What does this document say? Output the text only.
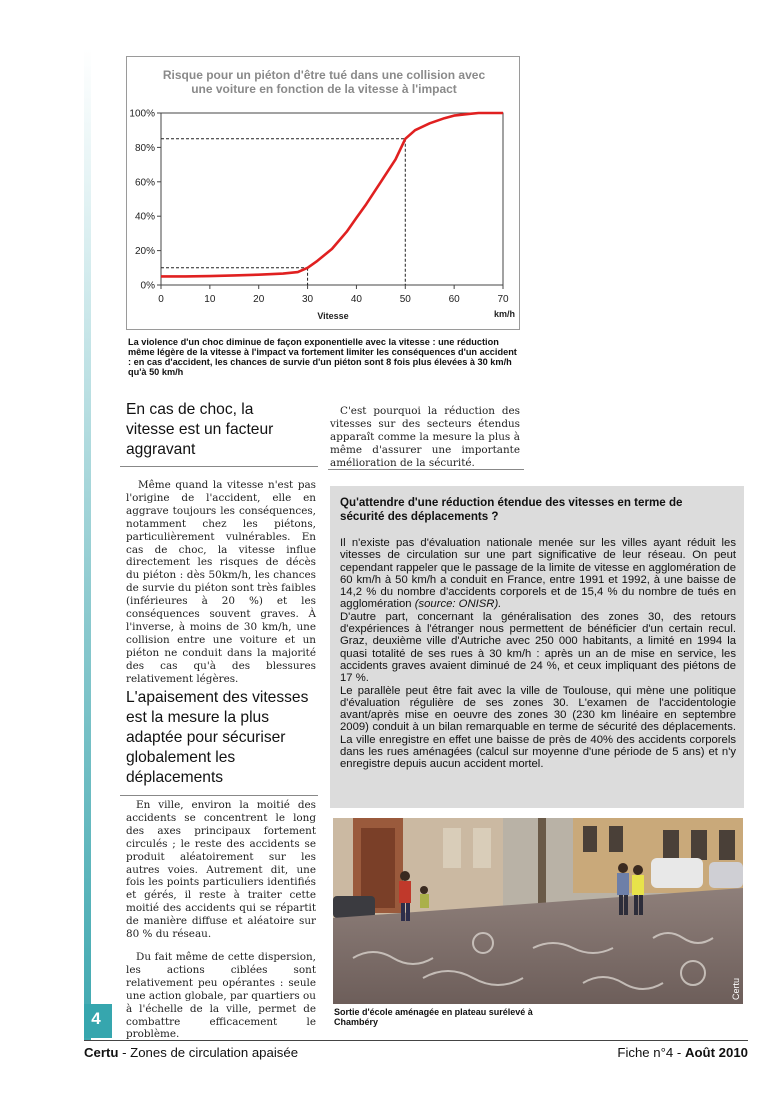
4
Risque pour un piéton d'être tué dans une collision avec
une voiture en fonction de la vitesse à l'impact
0%
20%
40%
60%
80%
100%
0	10	20	30	40	50	60	70
Vitesse	km/h
La violence d'un choc diminue de façon exponentielle avec la vitesse : une réduction même légère de la vitesse à l'impact va fortement limiter les conséquences d'un accident : en cas d'accident, les chances de survie d'un piéton sont 8 fois plus élevées à 30 km/h qu'à 50 km/h
En cas de choc, la vitesse est un facteur aggravant

Même quand la vitesse n'est pas l'origine de l'accident, elle en aggrave toujours les conséquences, notamment chez les piétons, particulièrement vulnérables. En cas de choc, la vitesse influe directement les risques de décès du piéton : dès 50km/h, les chances de survie du piéton sont très faibles (inférieures à 20 %) et les conséquences souvent graves. À l'inverse, à moins de 30 km/h, une collision entre une voiture et un piéton ne conduit dans la majorité des cas qu'à des blessures relativement légères.

L'apaisement des vitesses est la mesure la plus adaptée pour sécuriser globalement les déplacements

En ville, environ la moitié des accidents se concentrent le long des axes principaux fortement circulés ; le reste des accidents se produit aléatoirement sur les autres voies. Autrement dit, une fois les points particuliers identifiés et gérés, il reste à traiter cette moitié des accidents qui se répartit de manière diffuse et aléatoire sur 80 % du réseau.

Du fait même de cette dispersion, les actions ciblées sont relativement peu opérantes : seule une action globale, par quartiers ou à l'échelle de la ville, permet de combattre efficacement le problème.

C'est pourquoi la réduction des vitesses sur des secteurs étendus apparaît comme la mesure la plus à même d'assurer une importante amélioration de la sécurité.

Qu'attendre d'une réduction étendue des vitesses en terme de sécurité des déplacements ?

Il n'existe pas d'évaluation nationale menée sur les villes ayant réduit les vitesses de circulation sur une part significative de leur réseau. On peut cependant rappeler que le passage de la limite de vitesse en agglomération de 60 km/h à 50 km/h a conduit en France, entre 1991 et 1992, à une baisse de 14,2 % du nombre d'accidents corporels et de 15,4 % du nombre de tués en agglomération (source: ONISR).

D'autre part, concernant la généralisation des zones 30, des retours d'expériences à l'étranger nous permettent de bénéficier d'un certain recul. Graz, deuxième ville d'Autriche avec 250 000 habitants, a limité en 1994 la quasi totalité de ses rues à 30 km/h : après un an de mise en service, les accidents graves avaient diminué de 24 %, et ceux impliquant des piétons de 17 %.

Le parallèle peut être fait avec la ville de Toulouse, qui mène une politique d'évaluation régulière de ses zones 30. L'examen de l'accidentologie avant/après mise en oeuvre des zones 30 (230 km linéaire en septembre 2009) conduit à un bilan remarquable en terme de sécurité des déplacements. La ville enregistre en effet une baisse de près de 40% des accidents corporels dans les rues aménagées (calcul sur moyenne d'une période de 5 ans) et n'y enregistre depuis aucun accident mortel.

Certu
Sortie d'école aménagée en plateau surélevé à Chambéry
Certu - Zones de circulation apaisée	Fiche n°4 - Août 2010
